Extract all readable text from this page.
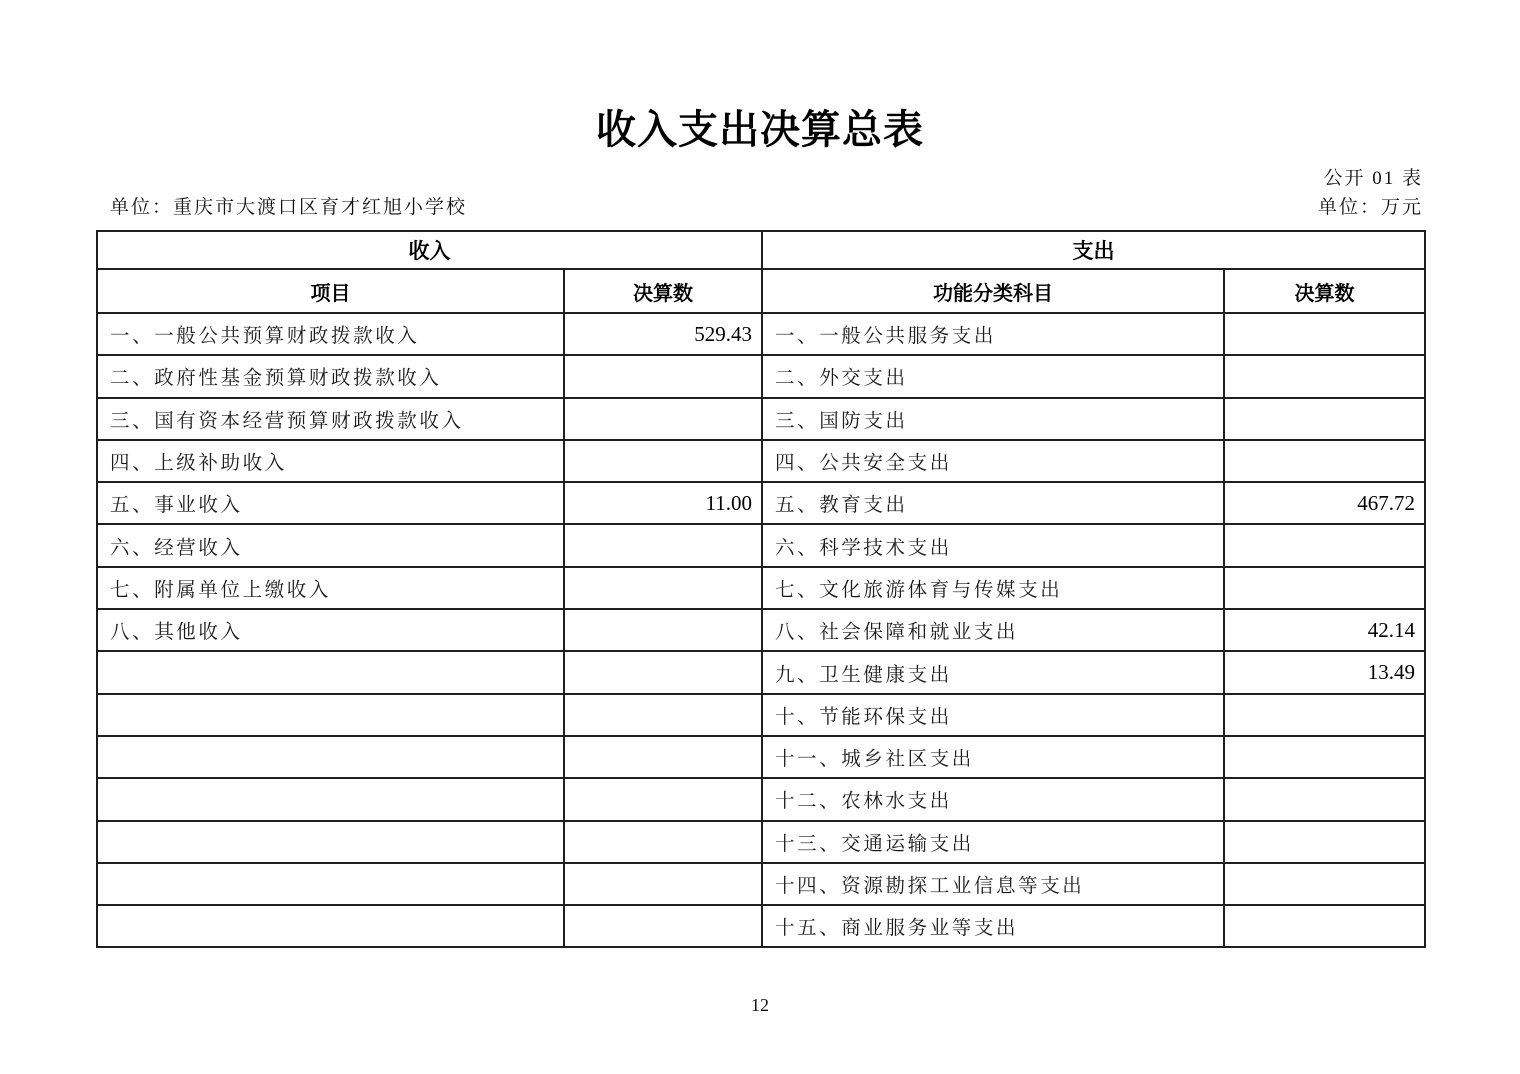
收入支出决算总表
公开 01 表
单位：重庆市大渡口区育才红旭小学校	单位：万元
收入		支出	
项目	决算数	功能分类科目	决算数
一、一般公共预算财政拨款收入	529.43	一、一般公共服务支出	
二、政府性基金预算财政拨款收入		二、外交支出	
三、国有资本经营预算财政拨款收入		三、国防支出	
四、上级补助收入		四、公共安全支出	
五、事业收入	11.00	五、教育支出	467.72
六、经营收入		六、科学技术支出	
七、附属单位上缴收入		七、文化旅游体育与传媒支出	
八、其他收入		八、社会保障和就业支出	42.14
		九、卫生健康支出	13.49
		十、节能环保支出	
		十一、城乡社区支出	
		十二、农林水支出	
		十三、交通运输支出	
		十四、资源勘探工业信息等支出	
		十五、商业服务业等支出	
12
